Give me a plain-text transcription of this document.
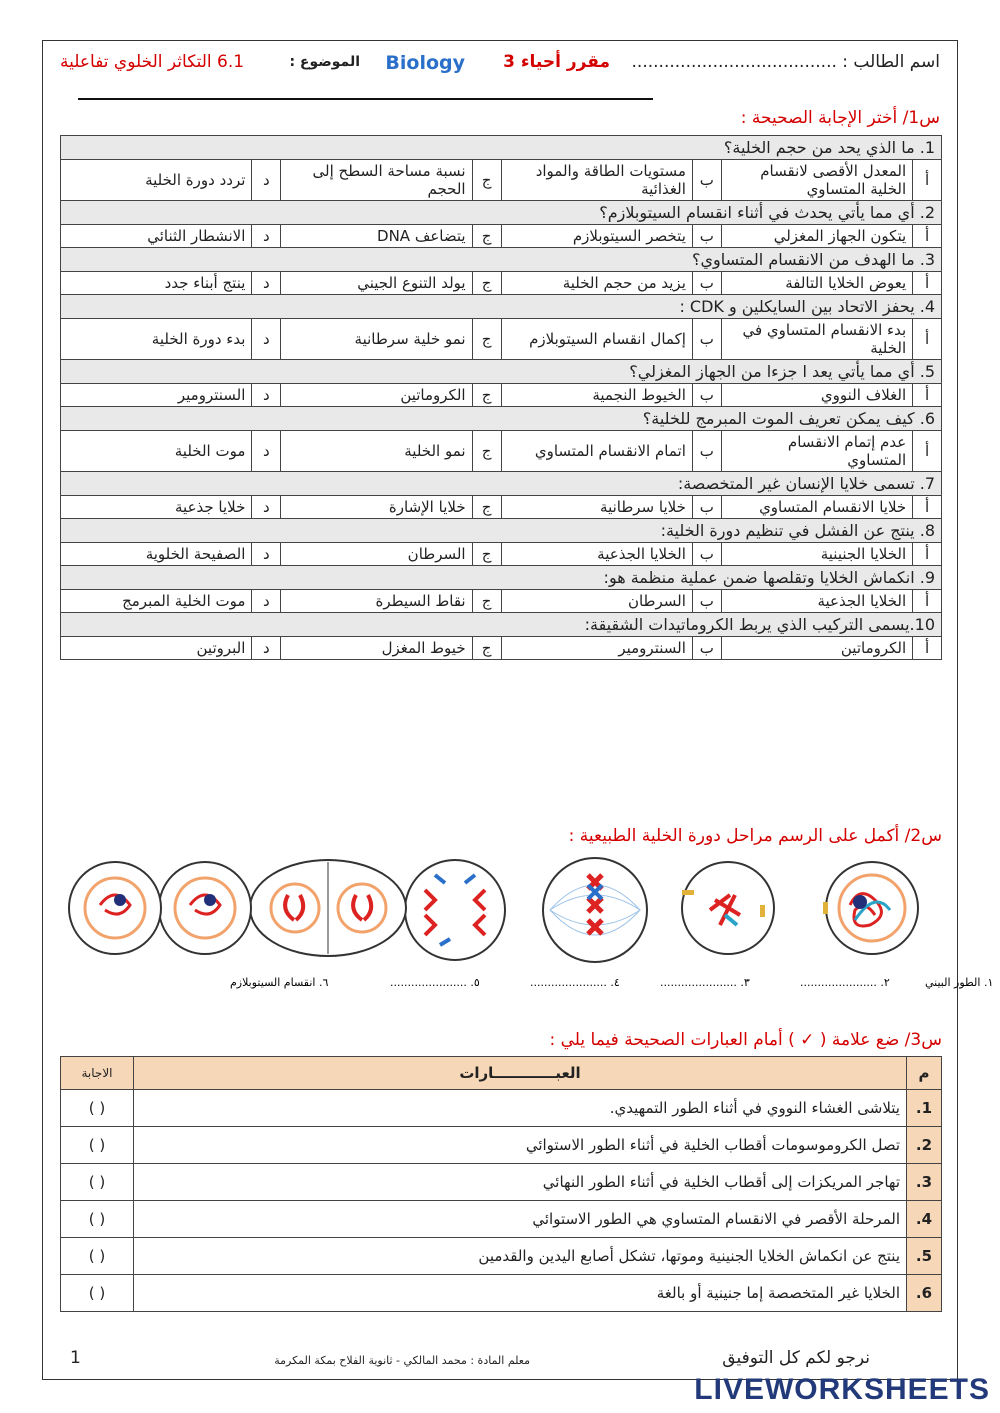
اسم الطالب : ......................................
مقرر أحياء 3
Biology
الموضوع :
6.1 التكاثر الخلوي تفاعلية
س1/ أختر الإجابة الصحيحة :
1. ما الذي يحد من حجم الخلية؟							
أ	المعدل الأقصى لانقسام الخلية المتساوي	ب	مستويات الطاقة والمواد الغذائية	ج	نسبة مساحة السطح إلى الحجم	د	تردد دورة الخلية
2. أي مما يأتي يحدث في أثناء انقسام السيتوبلازم؟							
أ	يتكون الجهاز المغزلي	ب	يتخصر السيتوبلازم	ج	يتضاعف DNA	د	الانشطار الثنائي
3. ما الهدف من الانقسام المتساوي؟							
أ	يعوض الخلايا التالفة	ب	يزيد من حجم الخلية	ج	يولد التنوع الجيني	د	ينتج أبناء جدد
4. يحفز الاتحاد بين السايكلين و CDK :							
أ	بدء الانقسام المتساوي في الخلية	ب	إكمال انقسام السيتوبلازم	ج	نمو خلية سرطانية	د	بدء دورة الخلية
5. أي مما يأتي يعد ا جزءا من الجهاز المغزلي؟							
أ	الغلاف النووي	ب	الخيوط النجمية	ج	الكروماتين	د	السنترومير
6. كيف يمكن تعريف الموت المبرمج للخلية؟							
أ	عدم إتمام الانقسام المتساوي	ب	اتمام الانقسام المتساوي	ج	نمو الخلية	د	موت الخلية
7. تسمى خلايا الإنسان غير المتخصصة:							
أ	خلايا الانقسام المتساوي	ب	خلايا سرطانية	ج	خلايا الإشارة	د	خلايا جذعية
8. ينتج عن الفشل في تنظيم دورة الخلية:							
أ	الخلايا الجنينية	ب	الخلايا الجذعية	ج	السرطان	د	الصفيحة الخلوية
9. انكماش الخلايا وتقلصها ضمن عملية منظمة هو:							
أ	الخلايا الجذعية	ب	السرطان	ج	نقاط السيطرة	د	موت الخلية المبرمج
10.يسمى التركيب الذي يربط الكروماتيدات الشقيقة:							
أ	الكروماتين	ب	السنترومير	ج	خيوط المغزل	د	البروتين
س2/ أكمل على الرسم مراحل دورة الخلية الطبيعية :
١. الطور البيني
٢. ......................
٣. ......................
٤. ......................
٥. ......................
٦. انقسام السيتوبلازم
س3/ ضع علامة ( ✓ ) أمام العبارات الصحيحة فيما يلي :
م	العبــــــــــــارات	الاجابة
1.	يتلاشى الغشاء النووي في أثناء الطور التمهيدي.	( )
2.	تصل الكروموسومات أقطاب الخلية في أثناء الطور الاستوائي	( )
3.	تهاجر المريكزات إلى أقطاب الخلية في أثناء الطور النهائي	( )
4.	المرحلة الأقصر في الانقسام المتساوي هي الطور الاستوائي	( )
5.	ينتج عن انكماش الخلايا الجنينية وموتها، تشكل أصابع اليدين والقدمين	( )
6.	الخلايا غير المتخصصة إما جنينية أو بالغة	( )
نرجو لكم كل التوفيق
معلم المادة : محمد المالكي - ثانوية الفلاح بمكة المكرمة
1
LIVEWORKSHEETS
